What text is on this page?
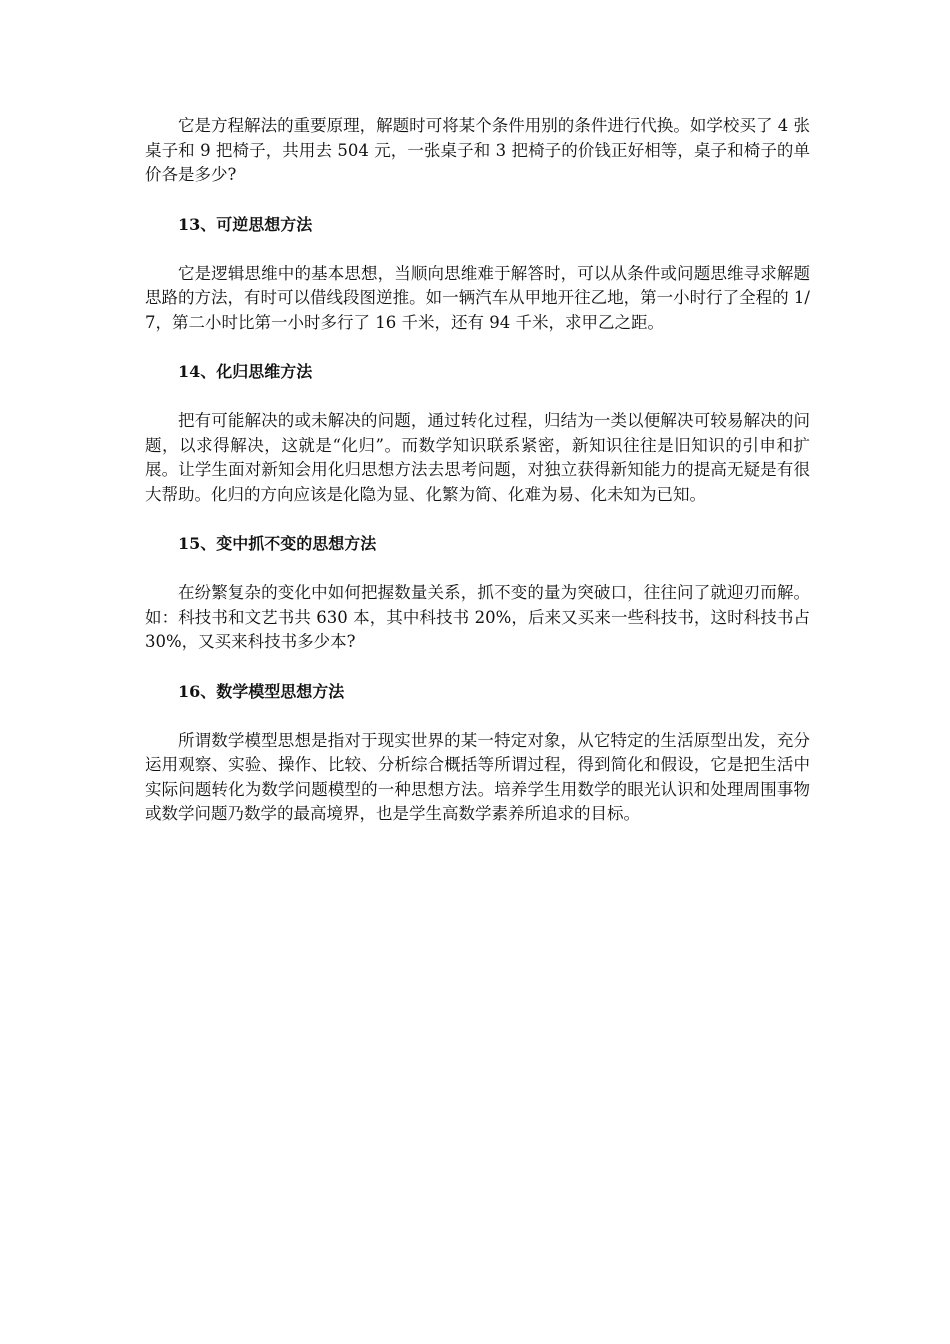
它是方程解法的重要原理，解题时可将某个条件用别的条件进行代换。如学校买了 4 张桌子和 9 把椅子，共用去 504 元，一张桌子和 3 把椅子的价钱正好相等，桌子和椅子的单价各是多少?

13、可逆思想方法

它是逻辑思维中的基本思想，当顺向思维难于解答时，可以从条件或问题思维寻求解题思路的方法，有时可以借线段图逆推。如一辆汽车从甲地开往乙地，第一小时行了全程的 1/7，第二小时比第一小时多行了 16 千米，还有 94 千米，求甲乙之距。

14、化归思维方法

把有可能解决的或未解决的问题，通过转化过程，归结为一类以便解决可较易解决的问题，以求得解决，这就是“化归”。而数学知识联系紧密，新知识往往是旧知识的引申和扩展。让学生面对新知会用化归思想方法去思考问题，对独立获得新知能力的提高无疑是有很大帮助。化归的方向应该是化隐为显、化繁为简、化难为易、化未知为已知。

15、变中抓不变的思想方法

在纷繁复杂的变化中如何把握数量关系，抓不变的量为突破口，往往问了就迎刃而解。如：科技书和文艺书共 630 本，其中科技书 20%，后来又买来一些科技书，这时科技书占 30%，又买来科技书多少本?

16、数学模型思想方法

所谓数学模型思想是指对于现实世界的某一特定对象，从它特定的生活原型出发，充分运用观察、实验、操作、比较、分析综合概括等所谓过程，得到简化和假设，它是把生活中实际问题转化为数学问题模型的一种思想方法。培养学生用数学的眼光认识和处理周围事物或数学问题乃数学的最高境界，也是学生高数学素养所追求的目标。
